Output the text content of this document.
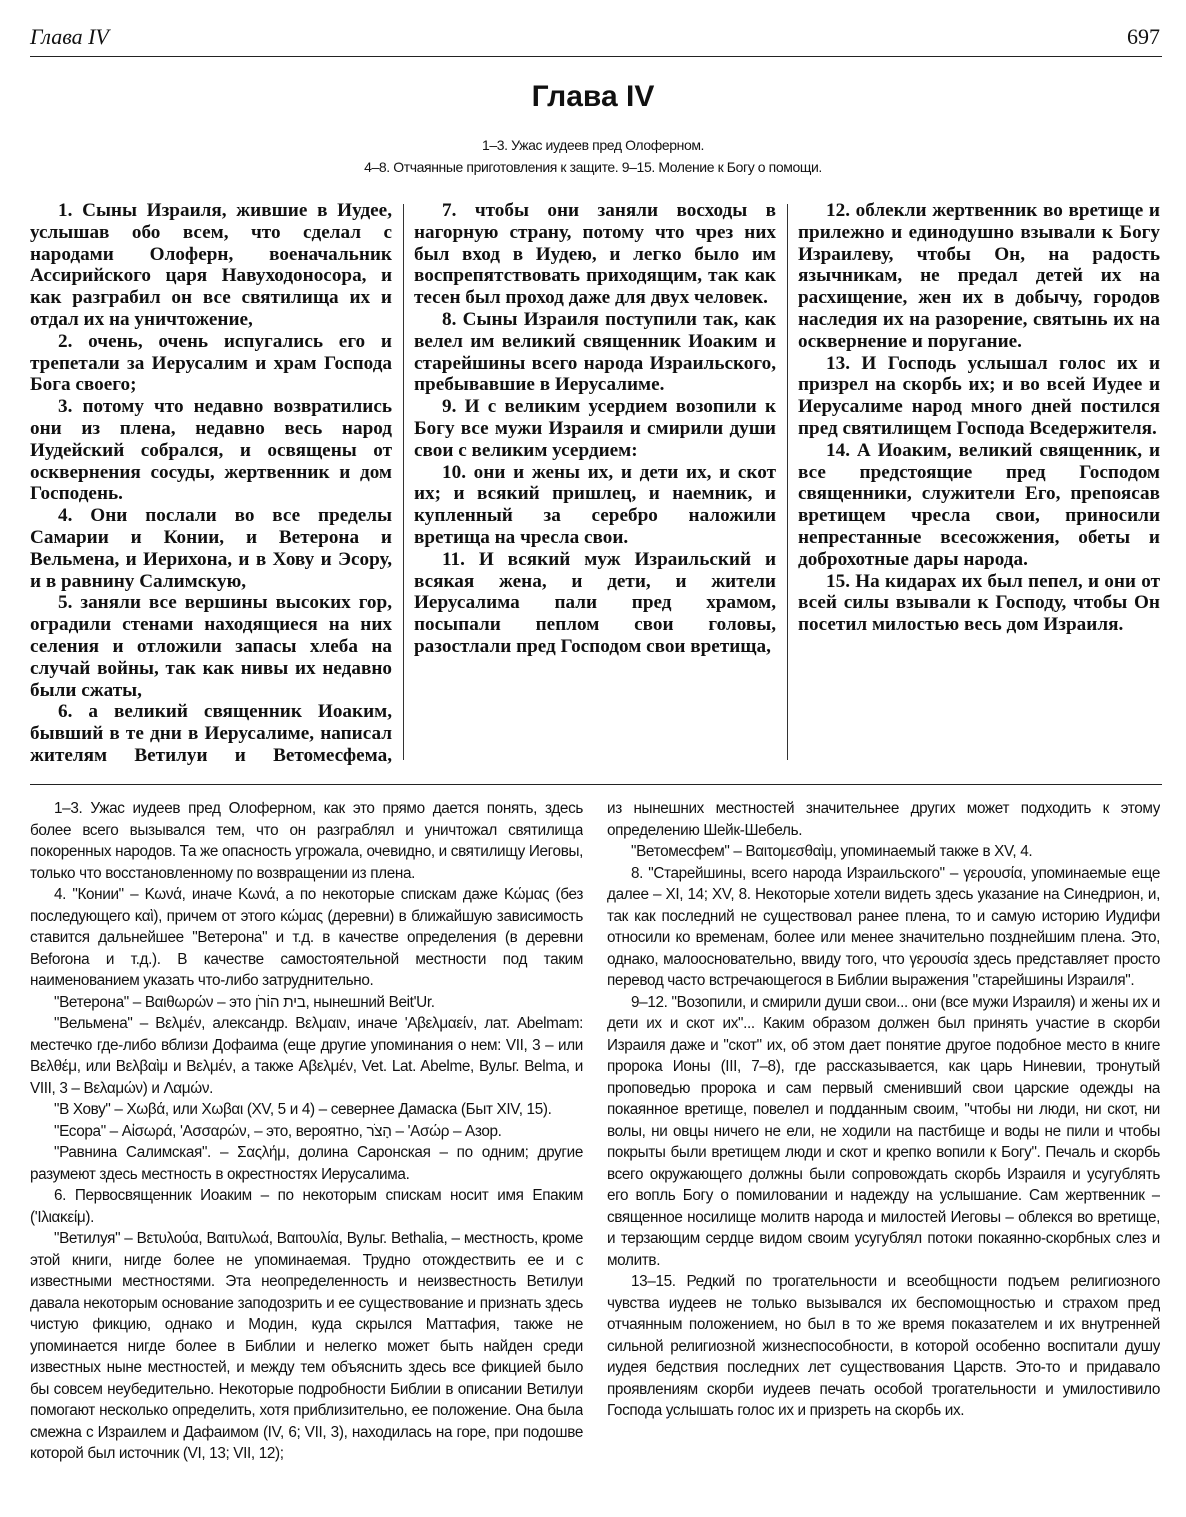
Глава IV	697
Глава IV
1–3. Ужас иудеев пред Олоферном.
4–8. Отчаянные приготовления к защите. 9–15. Моление к Богу о помощи.

1. Сыны Израиля, жившие в Иудее, услышав обо всем, что сделал с народами Олоферн, военачальник Ассирийского царя Навуходоносора, и как разграбил он все святилища их и отдал их на уничтожение,

2. очень, очень испугались его и трепетали за Иерусалим и храм Господа Бога своего;

3. потому что недавно возвратились они из плена, недавно весь народ Иудейский собрался, и освящены от осквернения сосуды, жертвенник и дом Господень.

4. Они послали во все пределы Самарии и Конии, и Ветерона и Вельмена, и Иерихона, и в Хову и Эсору, и в равнину Салимскую,

5. заняли все вершины высоких гор, оградили стенами находящиеся на них селения и отложили запасы хлеба на случай войны, так как нивы их недавно были сжаты,

6. а великий священник Иоаким, бывший в те дни в Иерусалиме, написал жителям Ветилуи и Ветомесфема,

7. чтобы они заняли восходы в нагорную страну, потому что чрез них был вход в Иудею, и легко было им воспрепятствовать приходящим, так как тесен был проход даже для двух человек.

8. Сыны Израиля поступили так, как велел им великий священник Иоаким и старейшины всего народа Израильского, пребывавшие в Иерусалиме.

9. И с великим усердием возопили к Богу все мужи Израиля и смирили души свои с великим усердием:

10. они и жены их, и дети их, и скот их; и всякий пришлец, и наемник, и купленный за серебро наложили вретища на чресла свои.

11. И всякий муж Израильский и всякая жена, и дети, и жители Иерусалима пали пред храмом, посыпали пеплом свои головы, разостлали пред Господом свои вретища,

12. облекли жертвенник во вретище и прилежно и единодушно взывали к Богу Израилеву, чтобы Он, на радость язычникам, не предал детей их на расхищение, жен их в добычу, городов наследия их на разорение, святынь их на осквернение и поругание.

13. И Господь услышал голос их и призрел на скорбь их; и во всей Иудее и Иерусалиме народ много дней постился пред святилищем Господа Вседержителя.

14. А Иоаким, великий священник, и все предстоящие пред Господом священники, служители Его, препоясав вретищем чресла свои, приносили непрестанные всесожжения, обеты и доброхотные дары народа.

15. На кидарах их был пепел, и они от всей силы взывали к Господу, чтобы Он посетил милостью весь дом Израиля.

1–3. Ужас иудеев пред Олоферном, как это прямо дается понять, здесь более всего вызывался тем, что он разграблял и уничтожал святилища покоренных народов. Та же опасность угрожала, очевидно, и святилищу Иеговы, только что восстановленному по возвращении из плена.

4. "Конии" – Κωνά, иначе Κωνά, а по некоторые спискам даже Κώμας (без последующего καὶ), причем от этого κώμας (деревни) в ближайшую зависимость ставится дальнейшее "Ветерона" и т.д. в качестве определения (в деревни Веforона и т.д.). В качестве самостоятельной местности под таким наименованием указать что-либо затруднительно.

"Ветерона" – Βαιθωρών – это בית הוֹרֹן, нынешний Beit'Ur.

"Вельмена" – Βελμέν, александр. Βελμαιν, иначе 'Αβελμαείν, лат. Abelmam: местечко где-либо вблизи Дофаима (еще другие упоминания о нем: VII, 3 – или Βελθέμ, или Βελβαὶμ и Βελμέν, а также Αβελμέν, Vet. Lat. Abelme, Вульг. Belma, и VIII, 3 – Βελαμών) и Λαμών.

"В Хову" – Χωβά, или Χωβαι (XV, 5 и 4) – севернее Дамаска (Быт XIV, 15).

"Есора" – Αἰσωρά, 'Ασσαρών, – это, вероятно, הָצֹר – 'Ασώρ – Азор.

"Равнина Салимская". – Σαςλήμ, долина Саронская – по одним; другие разумеют здесь местность в окрестностях Иерусалима.

6. Первосвященник Иоаким – по некоторым спискам носит имя Епаким ('Ιλιακείμ).

"Ветилуя" – Βετυλούα, Βαιτυλωά, Βαιτουλία, Вульг. Bethalia, – местность, кроме этой книги, нигде более не упоминаемая. Трудно отождествить ее и с известными местностями. Эта неопределенность и неизвестность Ветилуи давала некоторым основание заподозрить и ее существование и признать здесь чистую фикцию, однако и Модин, куда скрылся Маттафия, также не упоминается нигде более в Библии и нелегко может быть найден среди известных ныне местностей, и между тем объяснить здесь все фикцией было бы совсем неубедительно. Некоторые подробности Библии в описании Ветилуи помогают несколько определить, хотя приблизительно, ее положение. Она была смежна с Израилем и Дафаимом (IV, 6; VII, 3), находилась на горе, при подошве которой был источник (VI, 13; VII, 12);

из нынешних местностей значительнее других может подходить к этому определению Шейк-Шебель.

"Ветомесфем" – Βαιτομεσθαὶμ, упоминаемый также в XV, 4.

8. "Старейшины, всего народа Израильского" – γερουσία, упоминаемые еще далее – XI, 14; XV, 8. Некоторые хотели видеть здесь указание на Синедрион, и, так как последний не существовал ранее плена, то и самую историю Иудифи относили ко временам, более или менее значительно позднейшим плена. Это, однако, малоосновательно, ввиду того, что γερουσία здесь представляет просто перевод часто встречающегося в Библии выражения "старейшины Израиля".

9–12. "Возопили, и смирили души свои... они (все мужи Израиля) и жены их и дети их и скот их"... Каким образом должен был принять участие в скорби Израиля даже и "скот" их, об этом дает понятие другое подобное место в книге пророка Ионы (III, 7–8), где рассказывается, как царь Ниневии, тронутый проповедью пророка и сам первый сменивший свои царские одежды на покаянное вретище, повелел и подданным своим, "чтобы ни люди, ни скот, ни волы, ни овцы ничего не ели, не ходили на пастбище и воды не пили и чтобы покрыты были вретищем люди и скот и крепко вопили к Богу". Печаль и скорбь всего окружающего должны были сопровождать скорбь Израиля и усугублять его вопль Богу о помиловании и надежду на услышание. Сам жертвенник – священное носилище молитв народа и милостей Иеговы – облекся во вретище, и терзающим сердце видом своим усугублял потоки покаянно-скорбных слез и молитв.

13–15. Редкий по трогательности и всеобщности подъем религиозного чувства иудеев не только вызывался их беспомощностью и страхом пред отчаянным положением, но был в то же время показателем и их внутренней сильной религиозной жизнеспособности, в которой особенно воспитали душу иудея бедствия последних лет существования Царств. Это-то и придавало проявлениям скорби иудеев печать особой трогательности и умилостивило Господа услышать голос их и призреть на скорбь их.
